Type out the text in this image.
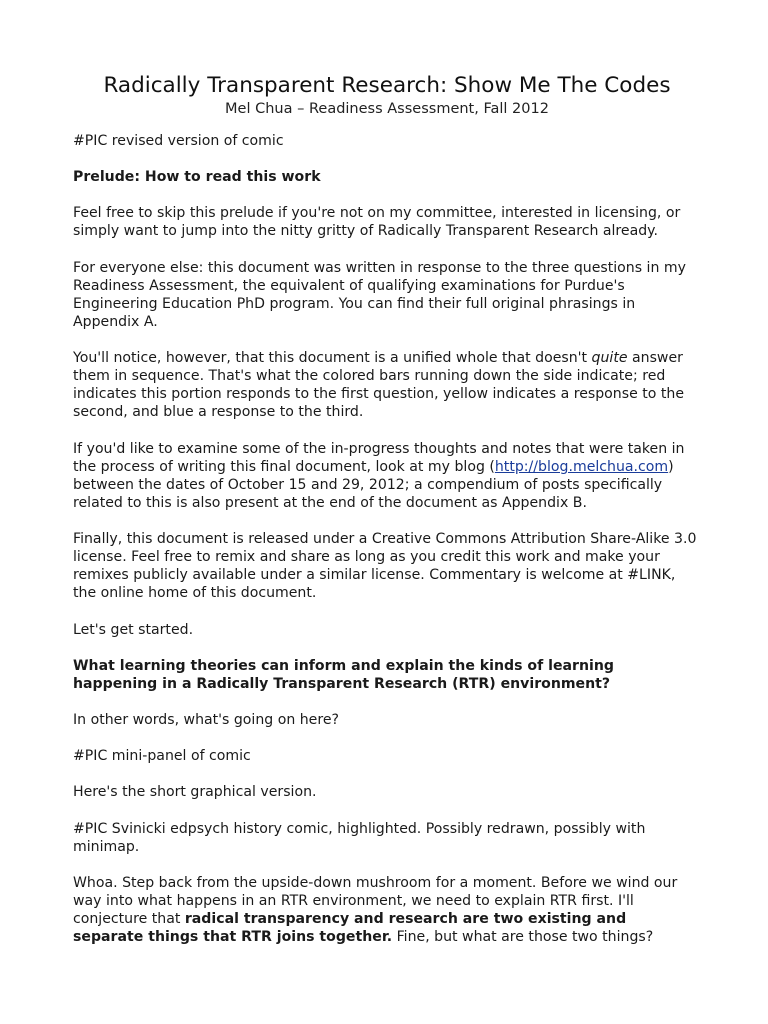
Radically Transparent Research: Show Me The Codes
Mel Chua – Readiness Assessment, Fall 2012

#PIC revised version of comic

Prelude: How to read this work

Feel free to skip this prelude if you're not on my committee, interested in licensing, or simply want to jump into the nitty gritty of Radically Transparent Research already.

For everyone else: this document was written in response to the three questions in my Readiness Assessment, the equivalent of qualifying examinations for Purdue's Engineering Education PhD program. You can find their full original phrasings in Appendix A.

You'll notice, however, that this document is a unified whole that doesn't quite answer them in sequence. That's what the colored bars running down the side indicate; red indicates this portion responds to the first question, yellow indicates a response to the second, and blue a response to the third.

If you'd like to examine some of the in-progress thoughts and notes that were taken in the process of writing this final document, look at my blog (http://blog.melchua.com) between the dates of October 15 and 29, 2012; a compendium of posts specifically related to this is also present at the end of the document as Appendix B.

Finally, this document is released under a Creative Commons Attribution Share-Alike 3.0 license. Feel free to remix and share as long as you credit this work and make your remixes publicly available under a similar license. Commentary is welcome at #LINK, the online home of this document.

Let's get started.

What learning theories can inform and explain the kinds of learning happening in a Radically Transparent Research (RTR) environment?

In other words, what's going on here?

#PIC mini-panel of comic

Here's the short graphical version.

#PIC Svinicki edpsych history comic, highlighted. Possibly redrawn, possibly with minimap.

Whoa. Step back from the upside-down mushroom for a moment. Before we wind our way into what happens in an RTR environment, we need to explain RTR first. I'll conjecture that radical transparency and research are two existing and separate things that RTR joins together. Fine, but what are those two things?
